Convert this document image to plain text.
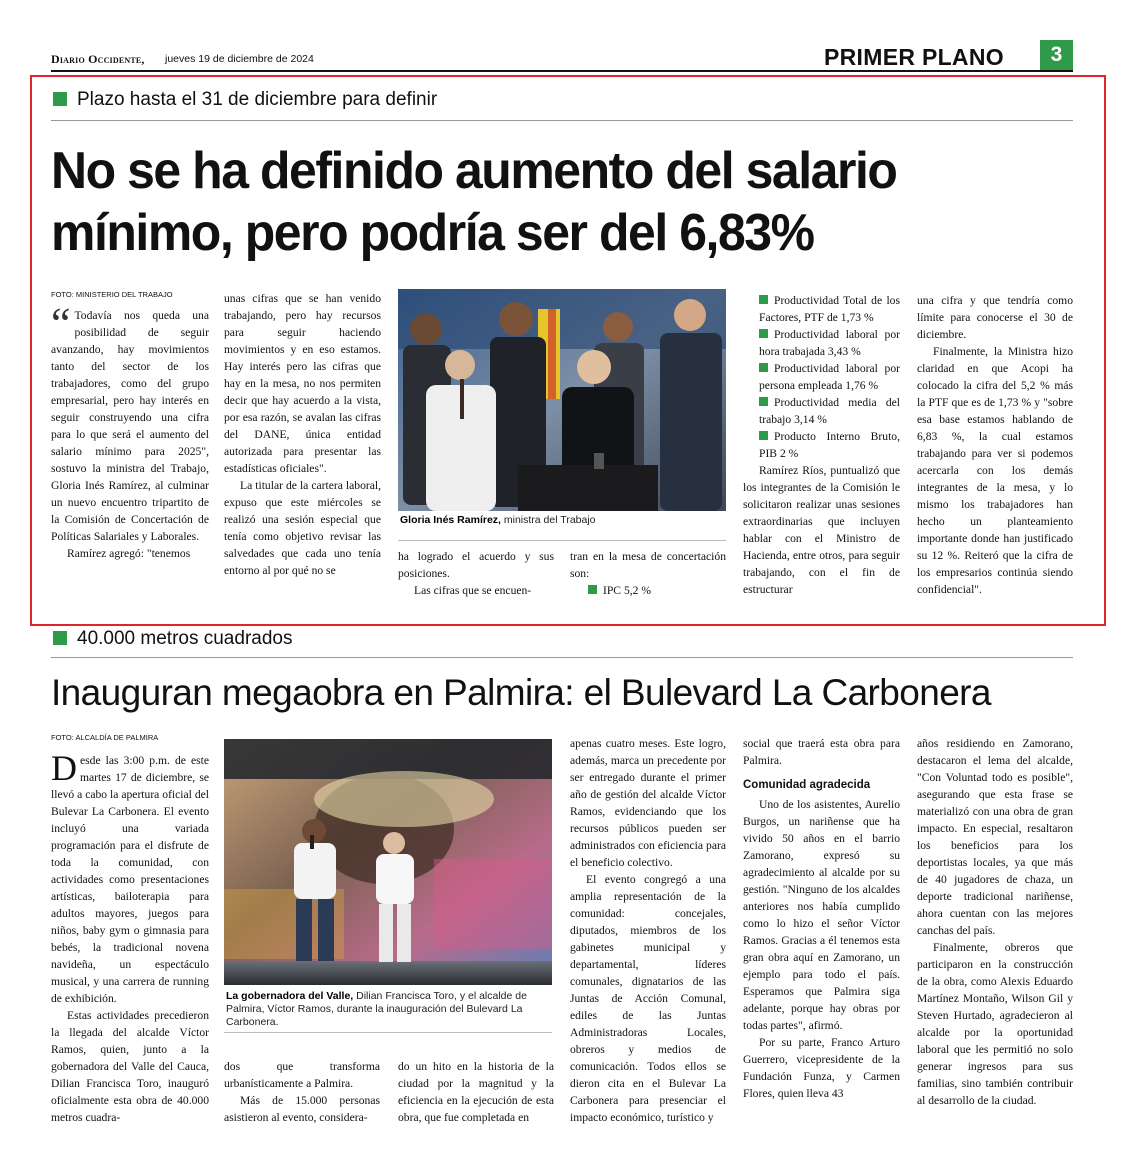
Diario Occidente, jueves 19 de diciembre de 2024	PRIMER PLANO	3
Plazo hasta el 31 de diciembre para definir
No se ha definido aumento del salario mínimo, pero podría ser del 6,83%
FOTO: MINISTERIO DEL TRABAJO

“ Todavía nos queda una posibilidad de seguir avanzando, hay movimientos tanto del sector de los trabajadores, como del grupo empresarial, pero hay interés en seguir construyendo una cifra para lo que será el aumento del salario mínimo para 2025", sostuvo la ministra del Trabajo, Gloria Inés Ramírez, al culminar un nuevo encuentro tripartito de la Comisión de Concertación de Políticas Salariales y Laborales.

Ramírez agregó: "tenemos

unas cifras que se han venido trabajando, pero hay recursos para seguir haciendo movimientos y en eso estamos. Hay interés pero las cifras que hay en la mesa, no nos permiten decir que hay acuerdo a la vista, por esa razón, se avalan las cifras del DANE, única entidad autorizada para presentar las estadísticas oficiales".

La titular de la cartera laboral, expuso que este miércoles se realizó una sesión especial que tenía como objetivo revisar las salvedades que cada uno tenía entorno al por qué no se

Gloria Inés Ramírez, ministra del Trabajo

ha logrado el acuerdo y sus posiciones.

Las cifras que se encuen-

tran en la mesa de concertación son:

IPC 5,2 %

Productividad Total de los Factores, PTF de 1,73 %

Productividad laboral por hora trabajada 3,43 %

Productividad laboral por persona empleada 1,76 %

Productividad media del trabajo 3,14 %

Producto Interno Bruto, PIB 2 %

Ramírez Ríos, puntualizó que los integrantes de la Comisión le solicitaron realizar unas sesiones extraordinarias que incluyen hablar con el Ministro de Hacienda, entre otros, para seguir trabajando, con el fin de estructurar

una cifra y que tendría como límite para conocerse el 30 de diciembre.

Finalmente, la Ministra hizo claridad en que Acopi ha colocado la cifra del 5,2 % más la PTF que es de 1,73 % y "sobre esa base estamos hablando de 6,83 %, la cual estamos trabajando para ver si podemos acercarla con los demás integrantes de la mesa, y lo mismo los trabajadores han hecho un planteamiento importante donde han justificado su 12 %. Reiteró que la cifra de los empresarios continúa siendo confidencial".

40.000 metros cuadrados
Inauguran megaobra en Palmira: el Bulevard La Carbonera
FOTO: ALCALDÍA DE PALMIRA

Desde las 3:00 p.m. de este martes 17 de diciembre, se llevó a cabo la apertura oficial del Bulevar La Carbonera. El evento incluyó una variada programación para el disfrute de toda la comunidad, con actividades como presentaciones artísticas, bailoterapia para adultos mayores, juegos para niños, baby gym o gimnasia para bebés, la tradicional novena navideña, un espectáculo musical, y una carrera de running de exhibición.

Estas actividades precedieron la llegada del alcalde Víctor Ramos, quien, junto a la gobernadora del Valle del Cauca, Dilian Francisca Toro, inauguró oficialmente esta obra de 40.000 metros cuadra-

La gobernadora del Valle, Dilian Francisca Toro, y el alcalde de Palmira, Víctor Ramos, durante la inauguración del Bulevard La Carbonera.

dos que transforma urbanísticamente a Palmira.

Más de 15.000 personas asistieron al evento, considera-

do un hito en la historia de la ciudad por la magnitud y la eficiencia en la ejecución de esta obra, que fue completada en

apenas cuatro meses. Este logro, además, marca un precedente por ser entregado durante el primer año de gestión del alcalde Víctor Ramos, evidenciando que los recursos públicos pueden ser administrados con eficiencia para el beneficio colectivo.

El evento congregó a una amplia representación de la comunidad: concejales, diputados, miembros de los gabinetes municipal y departamental, líderes comunales, dignatarios de las Juntas de Acción Comunal, ediles de las Juntas Administradoras Locales, obreros y medios de comunicación. Todos ellos se dieron cita en el Bulevar La Carbonera para presenciar el impacto económico, turístico y

social que traerá esta obra para Palmira.

Comunidad agradecida

Uno de los asistentes, Aurelio Burgos, un nariñense que ha vivido 50 años en el barrio Zamorano, expresó su agradecimiento al alcalde por su gestión. "Ninguno de los alcaldes anteriores nos había cumplido como lo hizo el señor Víctor Ramos. Gracias a él tenemos esta gran obra aquí en Zamorano, un ejemplo para todo el país. Esperamos que Palmira siga adelante, porque hay obras por todas partes", afirmó.

Por su parte, Franco Arturo Guerrero, vicepresidente de la Fundación Funza, y Carmen Flores, quien lleva 43

años residiendo en Zamorano, destacaron el lema del alcalde, "Con Voluntad todo es posible", asegurando que esta frase se materializó con una obra de gran impacto. En especial, resaltaron los beneficios para los deportistas locales, ya que más de 40 jugadores de chaza, un deporte tradicional nariñense, ahora cuentan con las mejores canchas del país.

Finalmente, obreros que participaron en la construcción de la obra, como Alexis Eduardo Martínez Montaño, Wilson Gil y Steven Hurtado, agradecieron al alcalde por la oportunidad laboral que les permitió no solo generar ingresos para sus familias, sino también contribuir al desarrollo de la ciudad.
